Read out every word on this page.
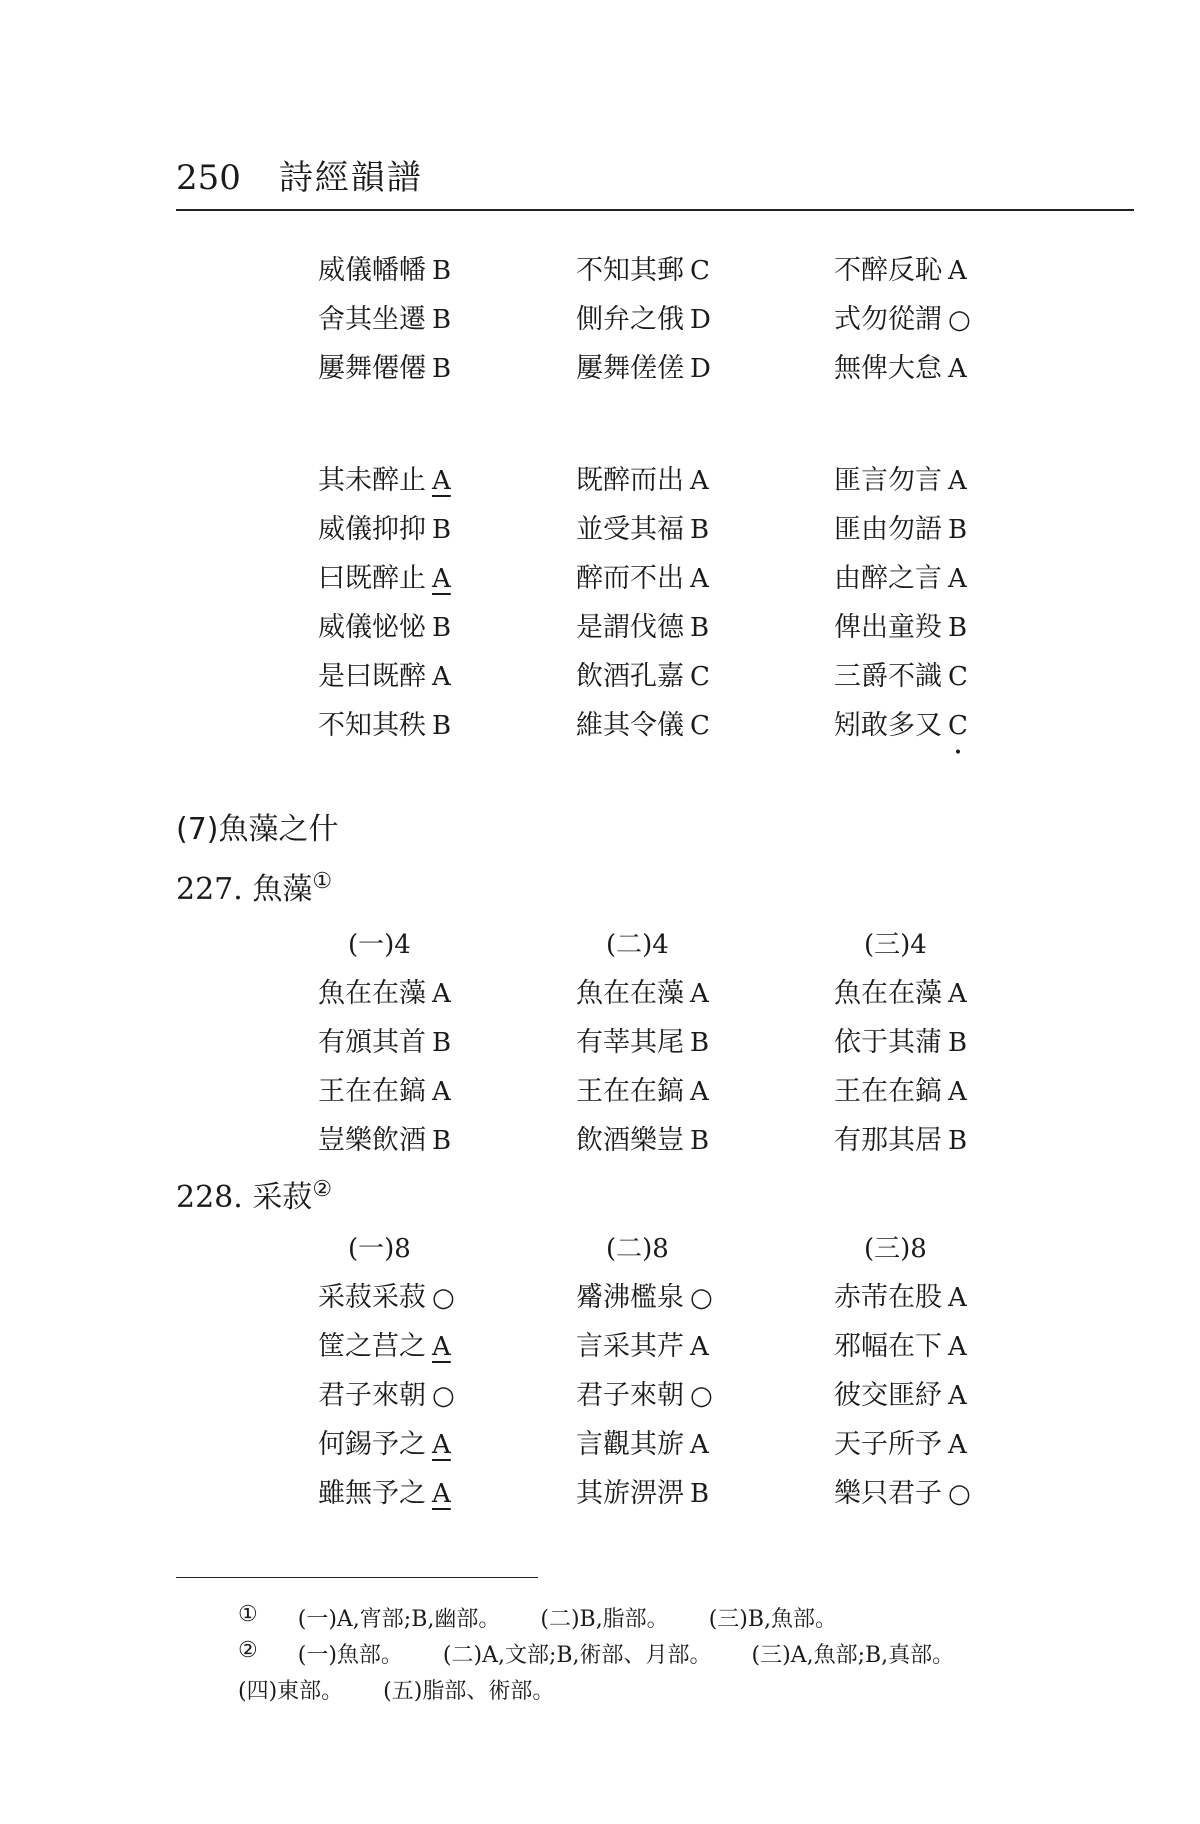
250 詩經韻譜
威儀幡幡 B	不知其郵 C	不醉反恥 A
舍其坐遷 B	側弁之俄 D	式勿從謂 ○
屢舞僊僊 B	屢舞傞傞 D	無俾大怠 A
其未醉止 A	既醉而出 A	匪言勿言 A
威儀抑抑 B	並受其福 B	匪由勿語 B
曰既醉止 A	醉而不出 A	由醉之言 A
威儀怭怭 B	是謂伐德 B	俾出童羖 B
是曰既醉 A	飲酒孔嘉 C	三爵不識 C
不知其秩 B	維其令儀 C	矧敢多又 C •
(7)魚藻之什
227. 魚藻①
(一)4	(二)4	(三)4
魚在在藻 A	魚在在藻 A	魚在在藻 A
有頒其首 B	有莘其尾 B	依于其蒲 B
王在在鎬 A	王在在鎬 A	王在在鎬 A
豈樂飲酒 B	飲酒樂豈 B	有那其居 B
228. 采菽②
(一)8	(二)8	(三)8
采菽采菽 ○	觱沸檻泉 ○	赤芾在股 A
筐之莒之 A	言采其芹 A	邪幅在下 A
君子來朝 ○	君子來朝 ○	彼交匪紓 A
何錫予之 A	言觀其旂 A	天子所予 A
雖無予之 A	其旂淠淠 B	樂只君子 ○
① (一)A,宵部;B,幽部。 (二)B,脂部。 (三)B,魚部。
② (一)魚部。 (二)A,文部;B,術部、月部。 (三)A,魚部;B,真部。
(四)東部。 (五)脂部、術部。
